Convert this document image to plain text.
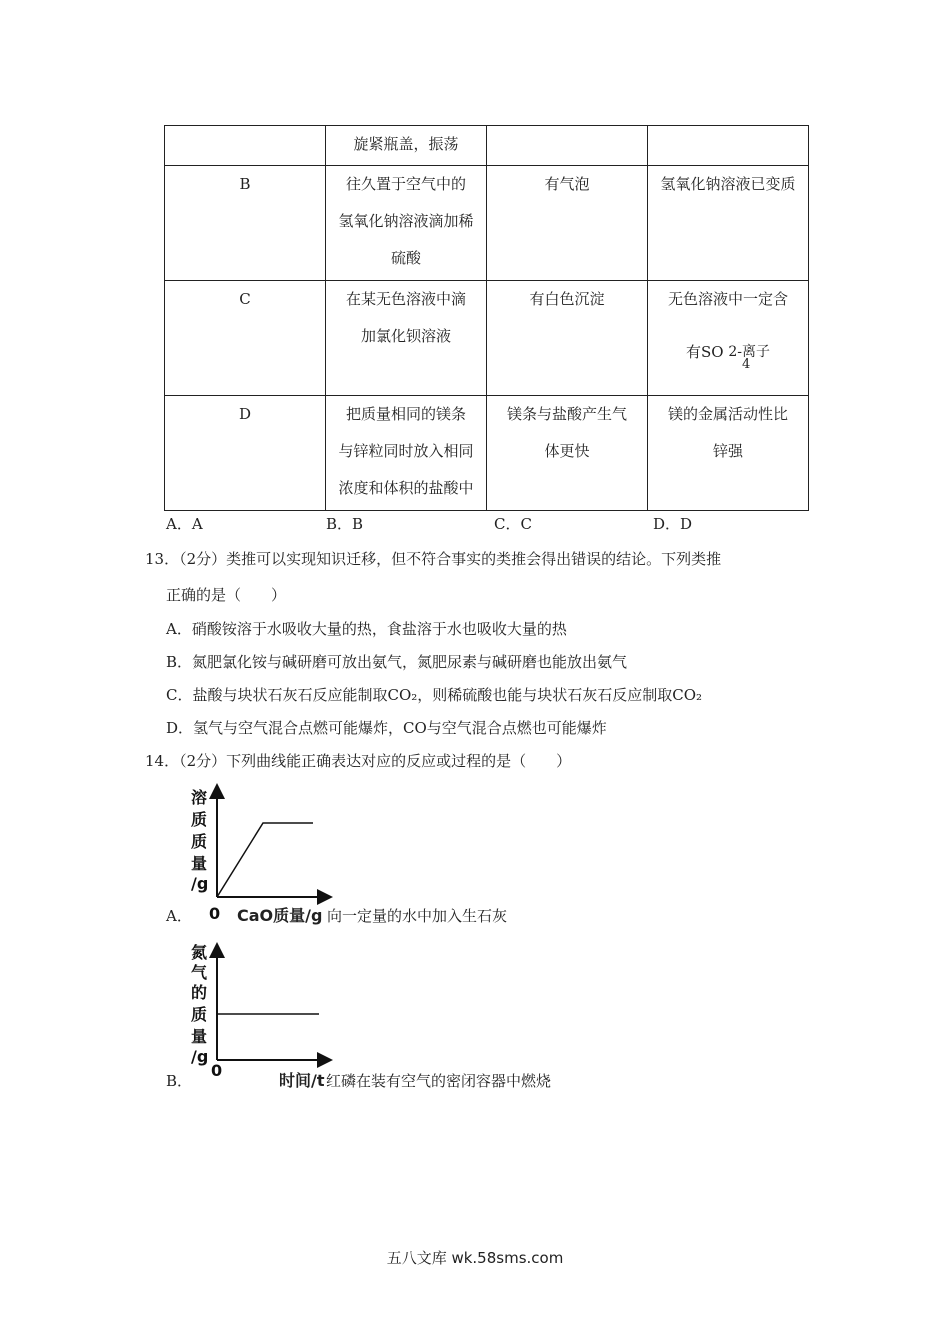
	旋紧瓶盖，振荡		

B	往久置于空气中的
氢氧化钠溶液滴加稀
硫酸	有气泡	氢氧化钠溶液已变质

C	在某无色溶液中滴
加氯化钡溶液	有白色沉淀	无色溶液中一定含
有SO 2-离子
4

D	把质量相同的镁条
与锌粒同时放入相同
浓度和体积的盐酸中	镁条与盐酸产生气
体更快	镁的金属活动性比
锌强
A．A	B．B	C．C	D．D
13．（2分）类推可以实现知识迁移，但不符合事实的类推会得出错误的结论。下列类推
正确的是（　　）
A．硝酸铵溶于水吸收大量的热，食盐溶于水也吸收大量的热
B．氮肥氯化铵与碱研磨可放出氨气，氮肥尿素与碱研磨也能放出氨气
C．盐酸与块状石灰石反应能制取CO₂，则稀硫酸也能与块状石灰石反应制取CO₂
D．氢气与空气混合点燃可能爆炸，CO与空气混合点燃也可能爆炸
14．（2分）下列曲线能正确表达对应的反应或过程的是（　　）
A．
溶
质
质
量
/g
0 CaO质量/g 向一定量的水中加入生石灰
B．
氮
气
的
质
量
/g
0
时间/t 红磷在装有空气的密闭容器中燃烧
五八文库 wk.58sms.com
